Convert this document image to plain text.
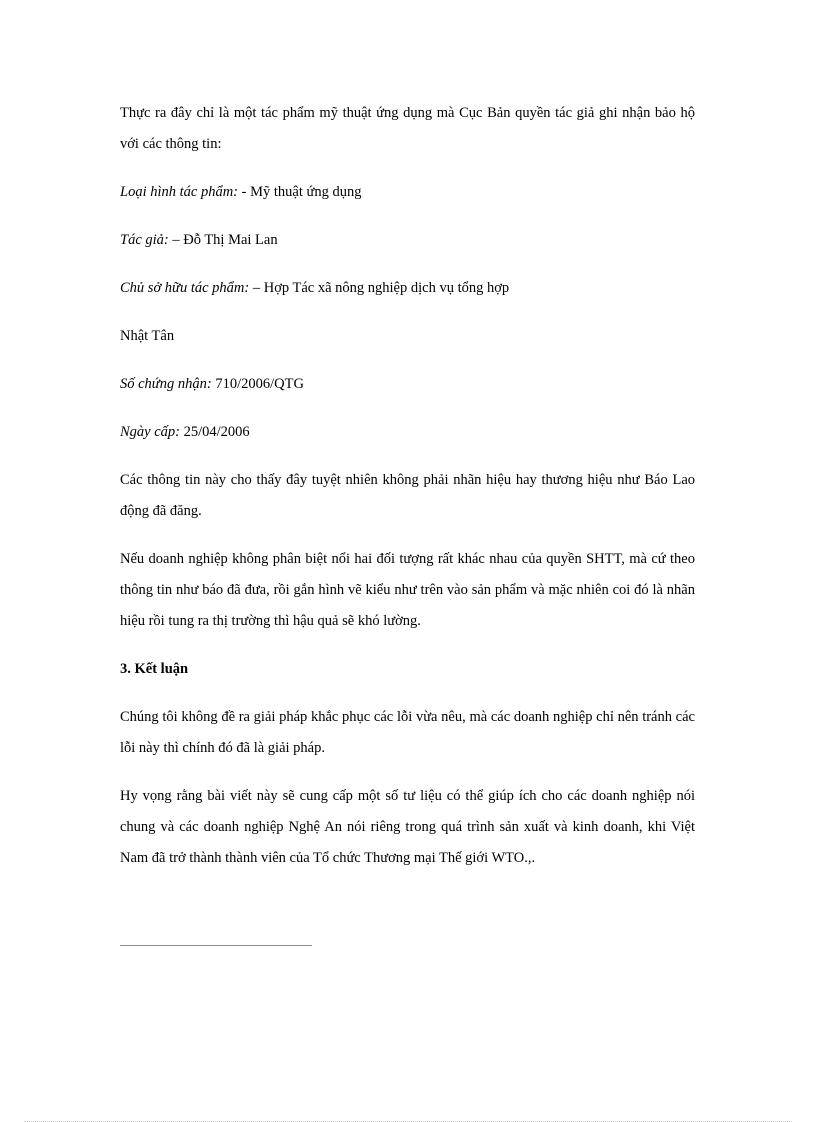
Thực ra đây chỉ là một tác phẩm mỹ thuật ứng dụng mà Cục Bản quyền tác giả ghi nhận bảo hộ với các thông tin:

Loại hình tác phẩm: - Mỹ thuật ứng dụng

Tác giả: – Đỗ Thị Mai Lan

Chủ sở hữu tác phẩm: – Hợp Tác xã nông nghiệp dịch vụ tổng hợp

Nhật Tân

Số chứng nhận: 710/2006/QTG

Ngày cấp: 25/04/2006

Các thông tin này cho thấy đây tuyệt nhiên không phải nhãn hiệu hay thương hiệu như Báo Lao động đã đăng.

Nếu doanh nghiệp không phân biệt nổi hai đối tượng rất khác nhau của quyền SHTT, mà cứ theo thông tin như báo đã đưa, rồi gắn hình vẽ kiểu như trên vào sản phẩm và mặc nhiên coi đó là nhãn hiệu rồi tung ra thị trường thì hậu quả sẽ khó lường.

3. Kết luận

Chúng tôi không đề ra giải pháp khắc phục các lỗi vừa nêu, mà các doanh nghiệp chỉ nên tránh các lỗi này thì chính đó đã là giải pháp.

Hy vọng rằng bài viết này sẽ cung cấp một số tư liệu có thể giúp ích cho các doanh nghiệp nói chung và các doanh nghiệp Nghệ An nói riêng trong quá trình sản xuất và kinh doanh, khi Việt Nam đã trở thành thành viên của Tổ chức Thương mại Thế giới WTO.,.
